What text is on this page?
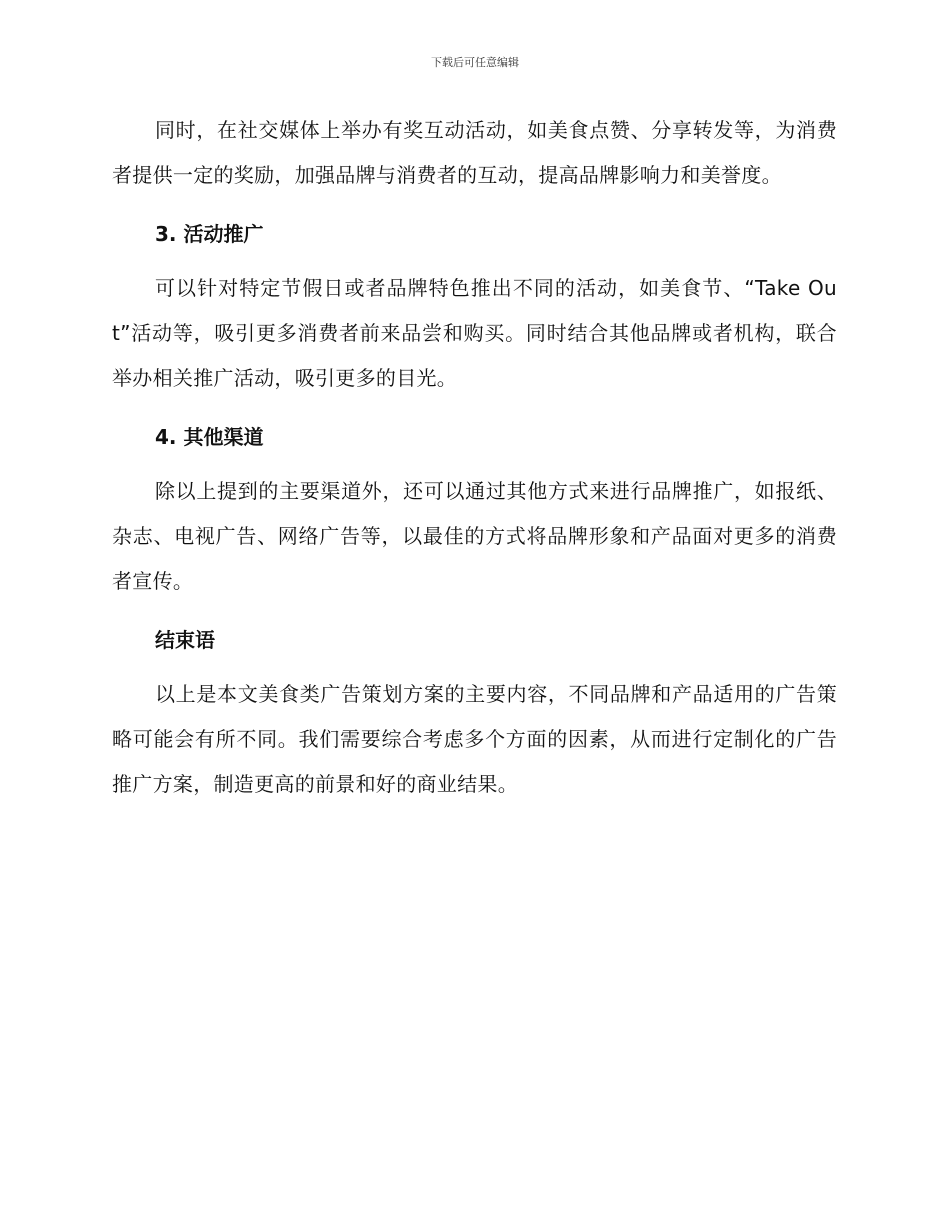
下载后可任意编辑

同时，在社交媒体上举办有奖互动活动，如美食点赞、分享转发等，为消费者提供一定的奖励，加强品牌与消费者的互动，提高品牌影响力和美誉度。

3. 活动推广

可以针对特定节假日或者品牌特色推出不同的活动，如美食节、“Take Out”活动等，吸引更多消费者前来品尝和购买。同时结合其他品牌或者机构，联合举办相关推广活动，吸引更多的目光。

4. 其他渠道

除以上提到的主要渠道外，还可以通过其他方式来进行品牌推广，如报纸、杂志、电视广告、网络广告等，以最佳的方式将品牌形象和产品面对更多的消费者宣传。

结束语

以上是本文美食类广告策划方案的主要内容，不同品牌和产品适用的广告策略可能会有所不同。我们需要综合考虑多个方面的因素，从而进行定制化的广告推广方案，制造更高的前景和好的商业结果。
